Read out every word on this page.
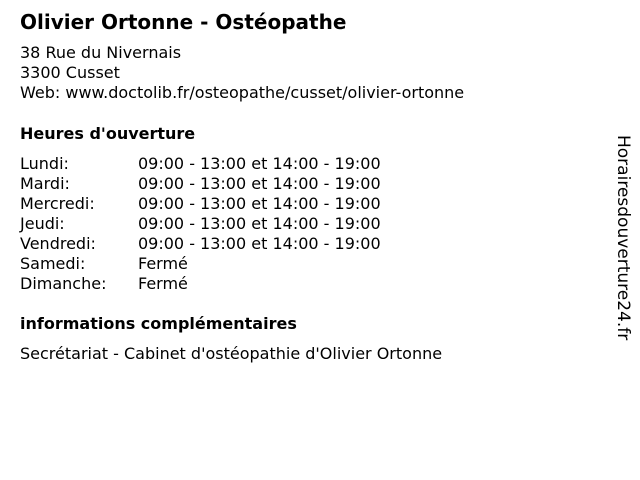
Olivier Ortonne - Ostéopathe
38 Rue du Nivernais
3300 Cusset
Web: www.doctolib.fr/osteopathe/cusset/olivier-ortonne
Heures d'ouverture
Lundi:	09:00 - 13:00 et 14:00 - 19:00
Mardi:	09:00 - 13:00 et 14:00 - 19:00
Mercredi:	09:00 - 13:00 et 14:00 - 19:00
Jeudi:	09:00 - 13:00 et 14:00 - 19:00
Vendredi:	09:00 - 13:00 et 14:00 - 19:00
Samedi:	Fermé
Dimanche:	Fermé
informations complémentaires
Secrétariat - Cabinet d'ostéopathie d'Olivier Ortonne
Horairesdouverture24.fr
